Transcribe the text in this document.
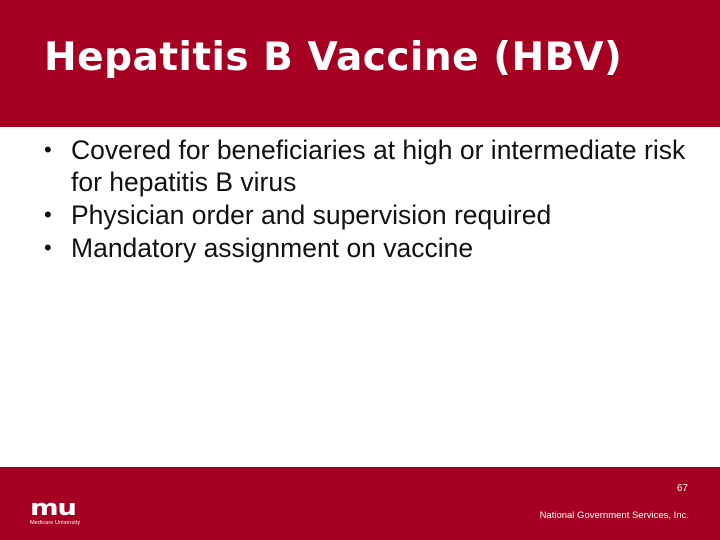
Hepatitis B Vaccine (HBV)
• Covered for beneficiaries at high or intermediate risk for hepatitis B virus
• Physician order and supervision required
• Mandatory assignment on vaccine
mu
Medicare University
67
National Government Services, Inc.
